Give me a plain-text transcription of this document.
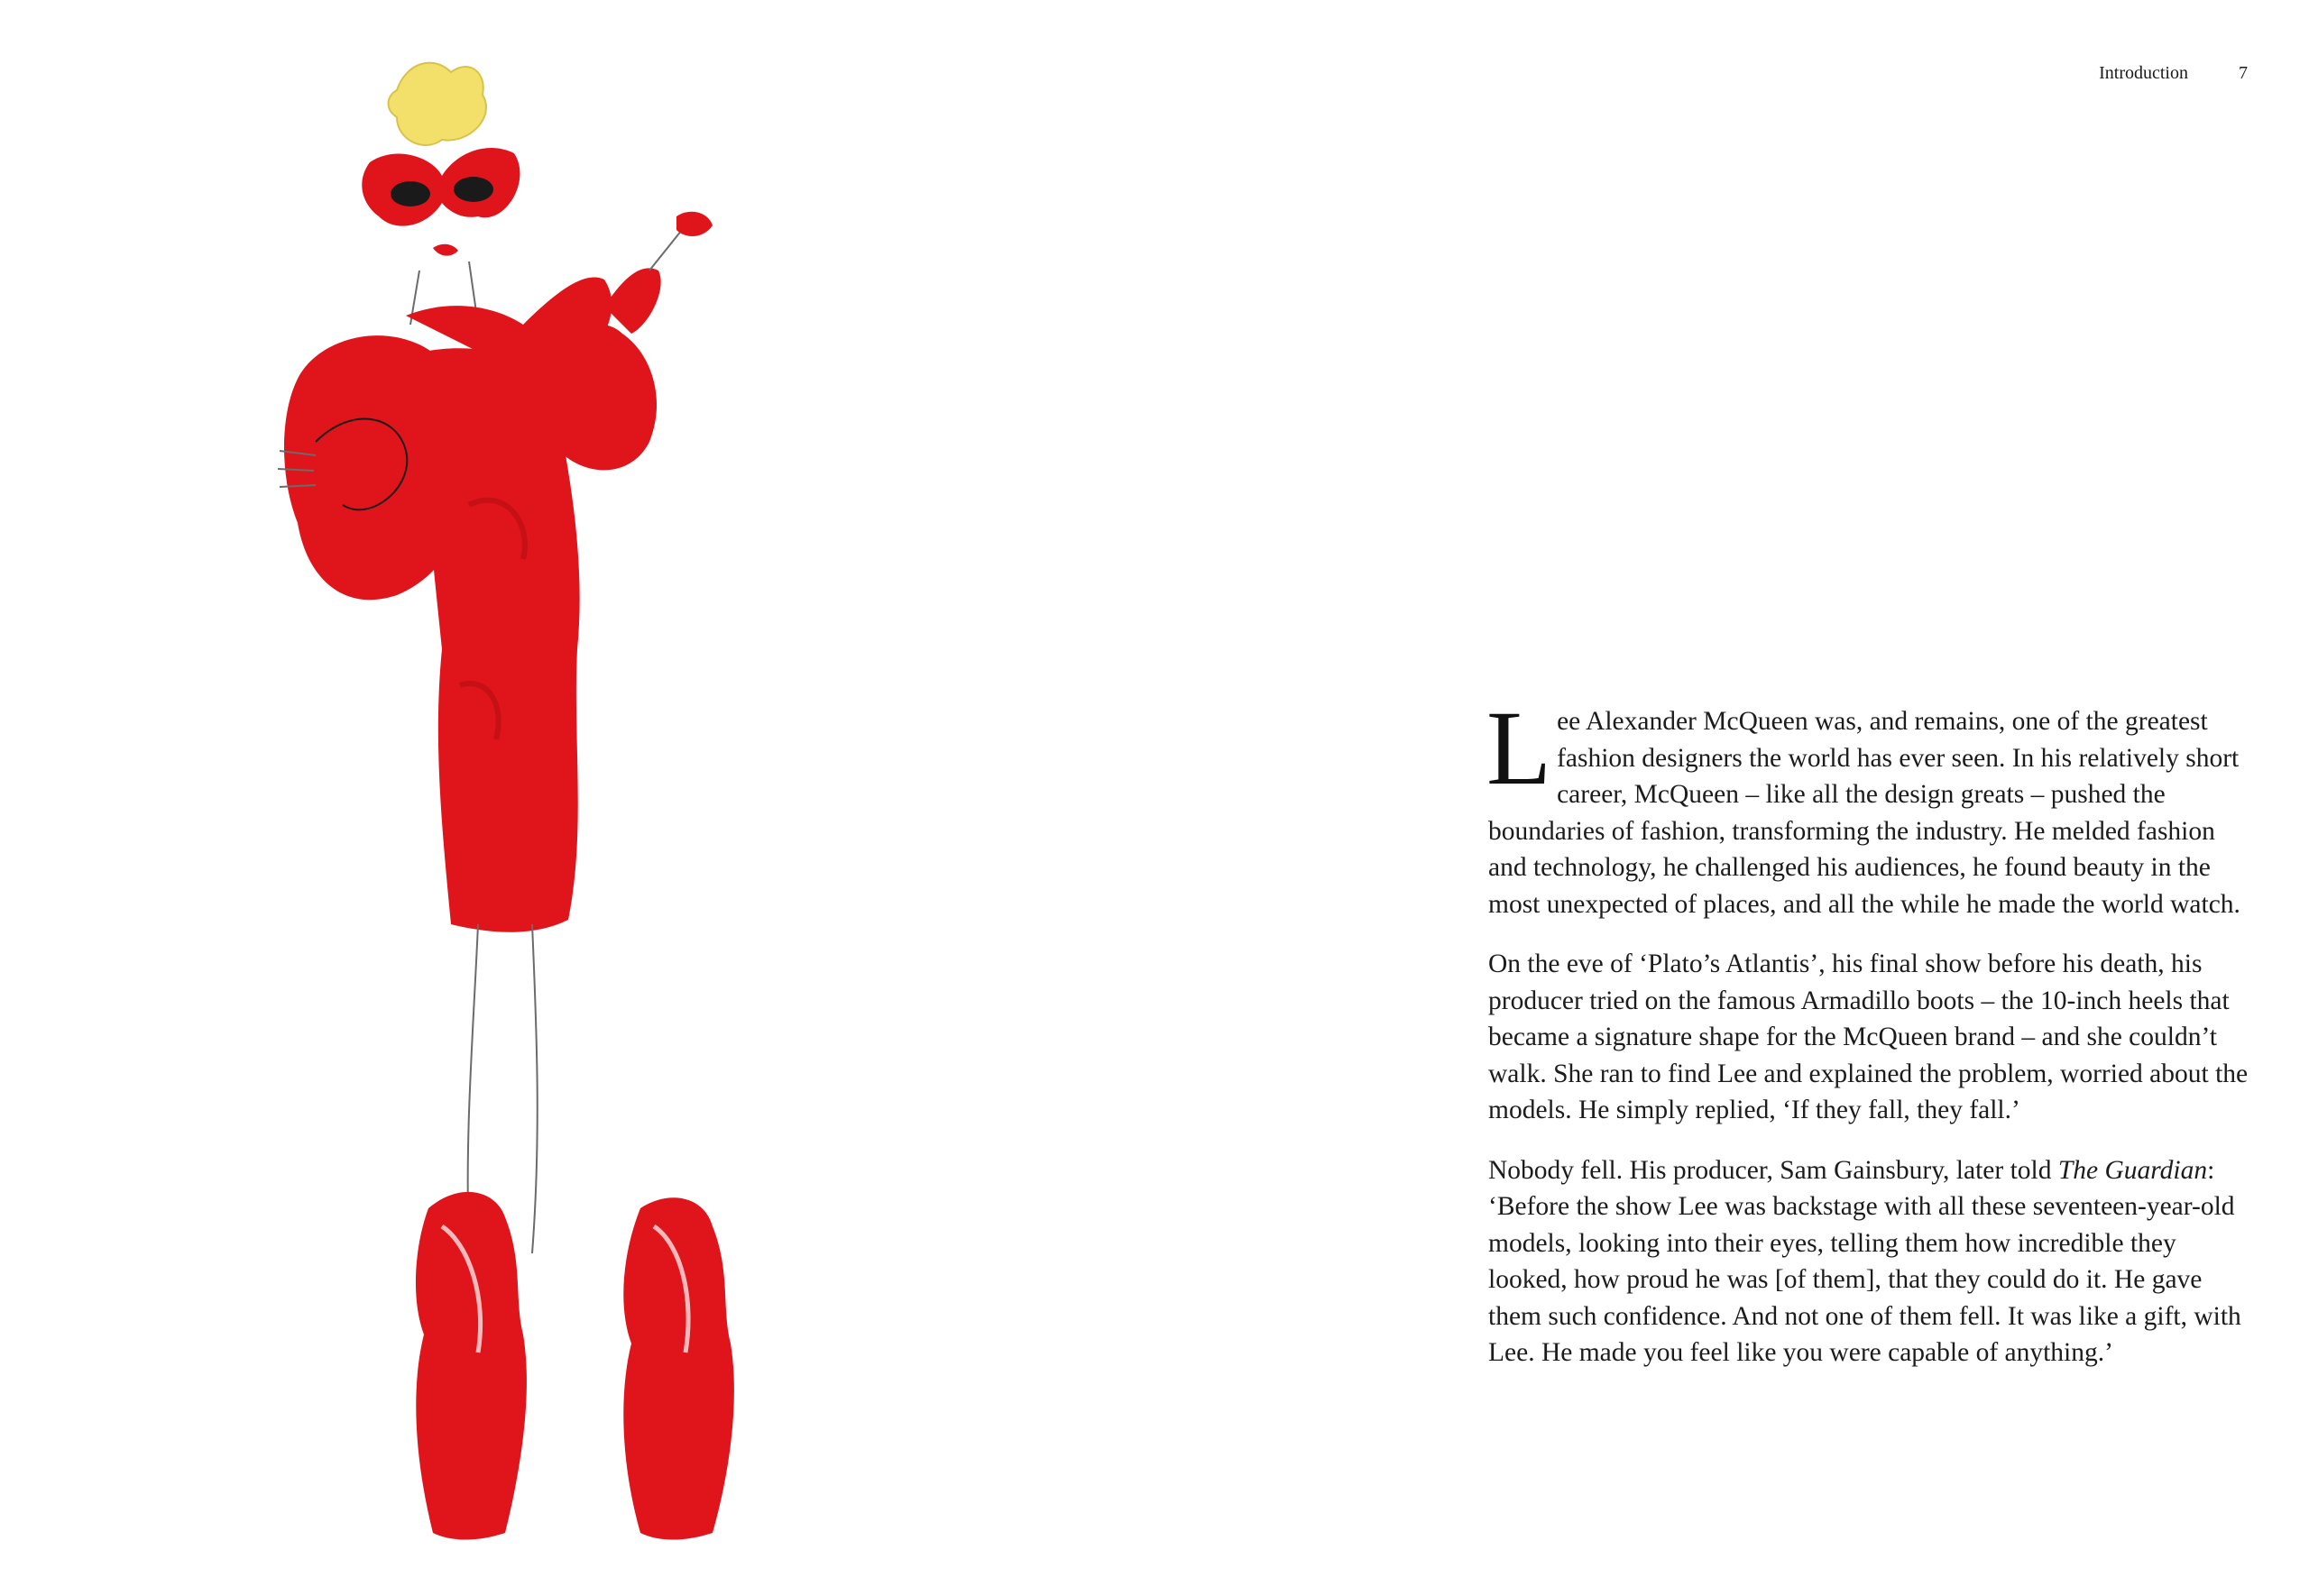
Introduction	7

Lee Alexander McQueen was, and remains, one of the greatest fashion designers the world has ever seen. In his relatively short career, McQueen – like all the design greats – pushed the boundaries of fashion, transforming the industry. He melded fashion and technology, he challenged his audiences, he found beauty in the most unexpected of places, and all the while he made the world watch.

On the eve of ‘Plato’s Atlantis’, his final show before his death, his producer tried on the famous Armadillo boots – the 10-inch heels that became a signature shape for the McQueen brand – and she couldn’t walk. She ran to find Lee and explained the problem, worried about the models. He simply replied, ‘If they fall, they fall.’

Nobody fell. His producer, Sam Gainsbury, later told The Guardian: ‘Before the show Lee was backstage with all these seventeen-year-old models, looking into their eyes, telling them how incredible they looked, how proud he was [of them], that they could do it. He gave them such confidence. And not one of them fell. It was like a gift, with Lee. He made you feel like you were capable of anything.’
